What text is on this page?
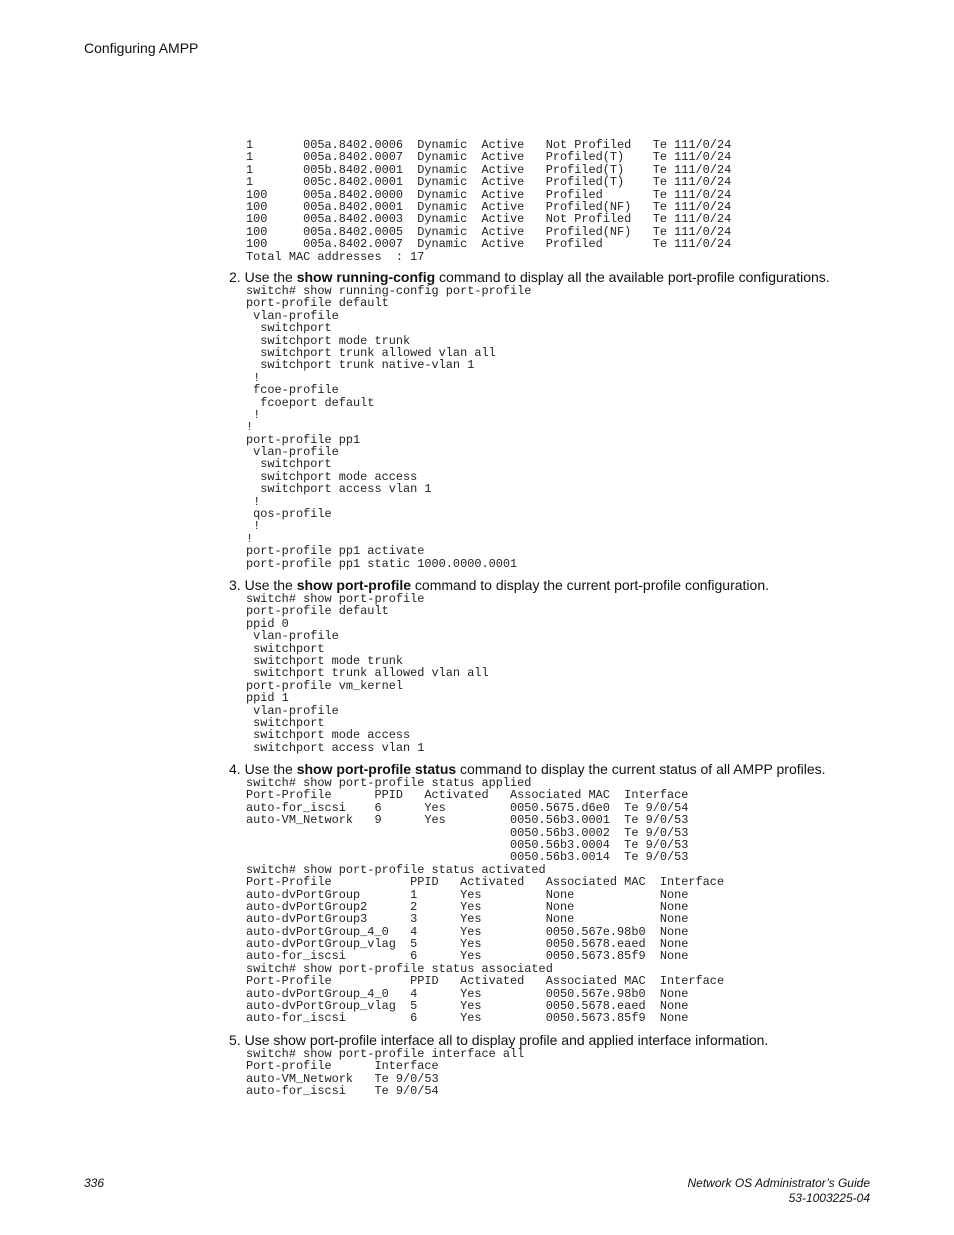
Configuring AMPP
1       005a.8402.0006  Dynamic  Active   Not Profiled   Te 111/0/24
1       005a.8402.0007  Dynamic  Active   Profiled(T)    Te 111/0/24
1       005b.8402.0001  Dynamic  Active   Profiled(T)    Te 111/0/24
1       005c.8402.0001  Dynamic  Active   Profiled(T)    Te 111/0/24
100     005a.8402.0000  Dynamic  Active   Profiled       Te 111/0/24
100     005a.8402.0001  Dynamic  Active   Profiled(NF)   Te 111/0/24
100     005a.8402.0003  Dynamic  Active   Not Profiled   Te 111/0/24
100     005a.8402.0005  Dynamic  Active   Profiled(NF)   Te 111/0/24
100     005a.8402.0007  Dynamic  Active   Profiled       Te 111/0/24
Total MAC addresses  : 17
2. Use the show running-config command to display all the available port-profile configurations.
switch# show running-config port-profile
port-profile default
vlan-profile
switchport
switchport mode trunk
switchport trunk allowed vlan all
switchport trunk native-vlan 1
!
fcoe-profile
fcoeport default
!
!
port-profile pp1
vlan-profile
switchport
switchport mode access
switchport access vlan 1
!
qos-profile
!
!
port-profile pp1 activate
port-profile pp1 static 1000.0000.0001
3. Use the show port-profile command to display the current port-profile configuration.
switch# show port-profile
port-profile default
ppid 0
vlan-profile
switchport
switchport mode trunk
switchport trunk allowed vlan all
port-profile vm_kernel
ppid 1
vlan-profile
switchport
switchport mode access
switchport access vlan 1
4. Use the show port-profile status command to display the current status of all AMPP profiles.
switch# show port-profile status applied
Port-Profile      PPID   Activated   Associated MAC  Interface
auto-for_iscsi    6      Yes         0050.5675.d6e0  Te 9/0/54
auto-VM_Network   9      Yes         0050.56b3.0001  Te 9/0/53
0050.56b3.0002  Te 9/0/53
0050.56b3.0004  Te 9/0/53
0050.56b3.0014  Te 9/0/53
switch# show port-profile status activated
Port-Profile           PPID   Activated   Associated MAC  Interface
auto-dvPortGroup       1      Yes         None            None
auto-dvPortGroup2      2      Yes         None            None
auto-dvPortGroup3      3      Yes         None            None
auto-dvPortGroup_4_0   4      Yes         0050.567e.98b0  None
auto-dvPortGroup_vlag  5      Yes         0050.5678.eaed  None
auto-for_iscsi         6      Yes         0050.5673.85f9  None
switch# show port-profile status associated
Port-Profile           PPID   Activated   Associated MAC  Interface
auto-dvPortGroup_4_0   4      Yes         0050.567e.98b0  None
auto-dvPortGroup_vlag  5      Yes         0050.5678.eaed  None
auto-for_iscsi         6      Yes         0050.5673.85f9  None
5. Use show port-profile interface all to display profile and applied interface information.
switch# show port-profile interface all
Port-profile      Interface
auto-VM_Network   Te 9/0/53
auto-for_iscsi    Te 9/0/54
336	Network OS Administrator’s Guide
53-1003225-04
